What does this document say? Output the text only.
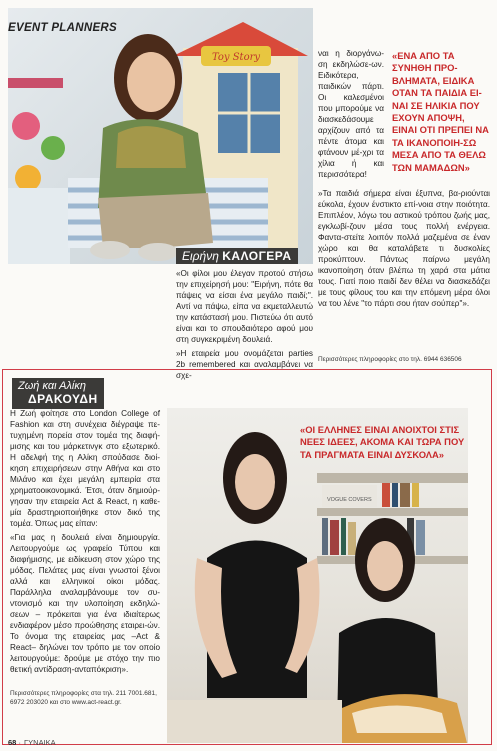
Toy Story
EVENT PLANNERS
Ειρήνη ΚΑΛΟΓΕΡΑ

«Οι φίλοι μου έλεγαν προτού στήσω την επιχείρησή μου: "Ειρήνη, πότε θα πάψεις να είσαι ένα μεγάλο παιδί;". Αντί να πάψω, είπα να εκμεταλλευτώ την κατάστασή μου. Πιστεύω ότι αυτό είναι και το σπουδαιότερο αφού μου στη συγκεκριμένη δουλειά.

»Η εταιρεία μου ονομάζεται parties 2b remembered και αναλαμβάνει να σχε-

ναι η διοργάνω-ση εκδηλώσε-ων. Ειδικότερα, παιδικών πάρτι. Οι καλεσμένοι που μπορούμε να διασκεδάσουμε αρχίζουν από τα πέντε άτομα και φτάνουν μέ-χρι τα χίλια ή και περισσότερα!

»Τα παιδιά σήμερα είναι έξυπνα, βα-ριούνται εύκολα, έχουν ένστικτο επί-νοια στην ποιότητα. Επιπλέον, λόγω του αστικού τρόπου ζωής μας, εγκλωβί-ζουν μέσα τους πολλή ενέργεια. Φαντα-στείτε λοιπόν πολλά μαζεμένα σε έναν χώρο και θα καταλάβετε τι δυσκολίες προκύπτουν. Πάντως παίρνω μεγάλη ικανοποίηση όταν βλέπω τη χαρά στα μάτια τους. Γιατί ποιο παιδί δεν θέλει να διασκεδάζει με τους φίλους του και την επόμενη μέρα όλοι να του λένε "το πάρτι σου ήταν σούπερ"».

Περισσότερες πληροφορίες στο τηλ. 6944 636506
«ΕΝΑ ΑΠΟ ΤΑ ΣΥΝΗΘΗ ΠΡΟ-ΒΛΗΜΑΤΑ, ΕΙΔΙΚΑ ΟΤΑΝ ΤΑ ΠΑΙΔΙΑ ΕΙ-ΝΑΙ ΣΕ ΗΛΙΚΙΑ ΠΟΥ ΕΧΟΥΝ ΑΠΟΨΗ, ΕΙΝΑΙ ΟΤΙ ΠΡΕΠΕΙ ΝΑ ΤΑ ΙΚΑΝΟΠΟΙΗ-ΣΩ ΜΕΣΑ ΑΠΟ ΤΑ ΘΕΛΩ ΤΩΝ ΜΑΜΑΔΩΝ»
Ζωή και Αλίκη
ΔΡΑΚΟΥΔΗ

Η Ζωή φοίτησε στο London College of Fashion και στη συνέχεια διέγραψε πε-τυχημένη πορεία στον τομέα της διαφή-μισης και του μάρκετινγκ στο εξωτερικό. Η αδελφή της η Αλίκη σπούδασε διοί-κηση επιχειρήσεων στην Αθήνα και στο Μιλάνο και έχει μεγάλη εμπειρία στα χρηματοοικονομικά. Έτσι, όταν δημιούρ-γησαν την εταιρεία Act & React, η καθε-μία δραστηριοποιήθηκε στον δικό της τομέα. Όπως μας είπαν:

«Για μας η δουλειά είναι δημιουργία. Λειτουργούμε ως γραφείο Τύπου και διαφήμισης, με ειδίκευση στον χώρο της μόδας. Πελάτες μας είναι γνωστοί ξένοι αλλά και ελληνικοί οίκοι μόδας. Παράλληλα αναλαμβάνουμε τον συ-ντονισμό και την υλοποίηση εκδηλώ-σεων – πρόκειται για ένα ιδιαίτερως ενδιαφέρον μέσο προώθησης εταιρει-ών. Το όνομα της εταιρείας μας –Act & React– δηλώνει τον τρόπο με τον οποίο λειτουργούμε: δρούμε με στόχο την πιο θετική αντίδραση-ανταπόκριση».

Περισσότερες πληροφορίες στα τηλ. 211 7001.681, 6972 203020 και στο www.act-react.gr.
VOGUE COVERS
«ΟΙ ΕΛΛΗΝΕΣ ΕΙΝΑΙ ΑΝΟΙΧΤΟΙ ΣΤΙΣ ΝΕΕΣ ΙΔΕΕΣ, ΑΚΟΜΑ ΚΑΙ ΤΩΡΑ ΠΟΥ ΤΑ ΠΡΑΓΜΑΤΑ ΕΙΝΑΙ ΔΥΣΚΟΛΑ»
68 · ΓΥΝΑΙΚΑ
